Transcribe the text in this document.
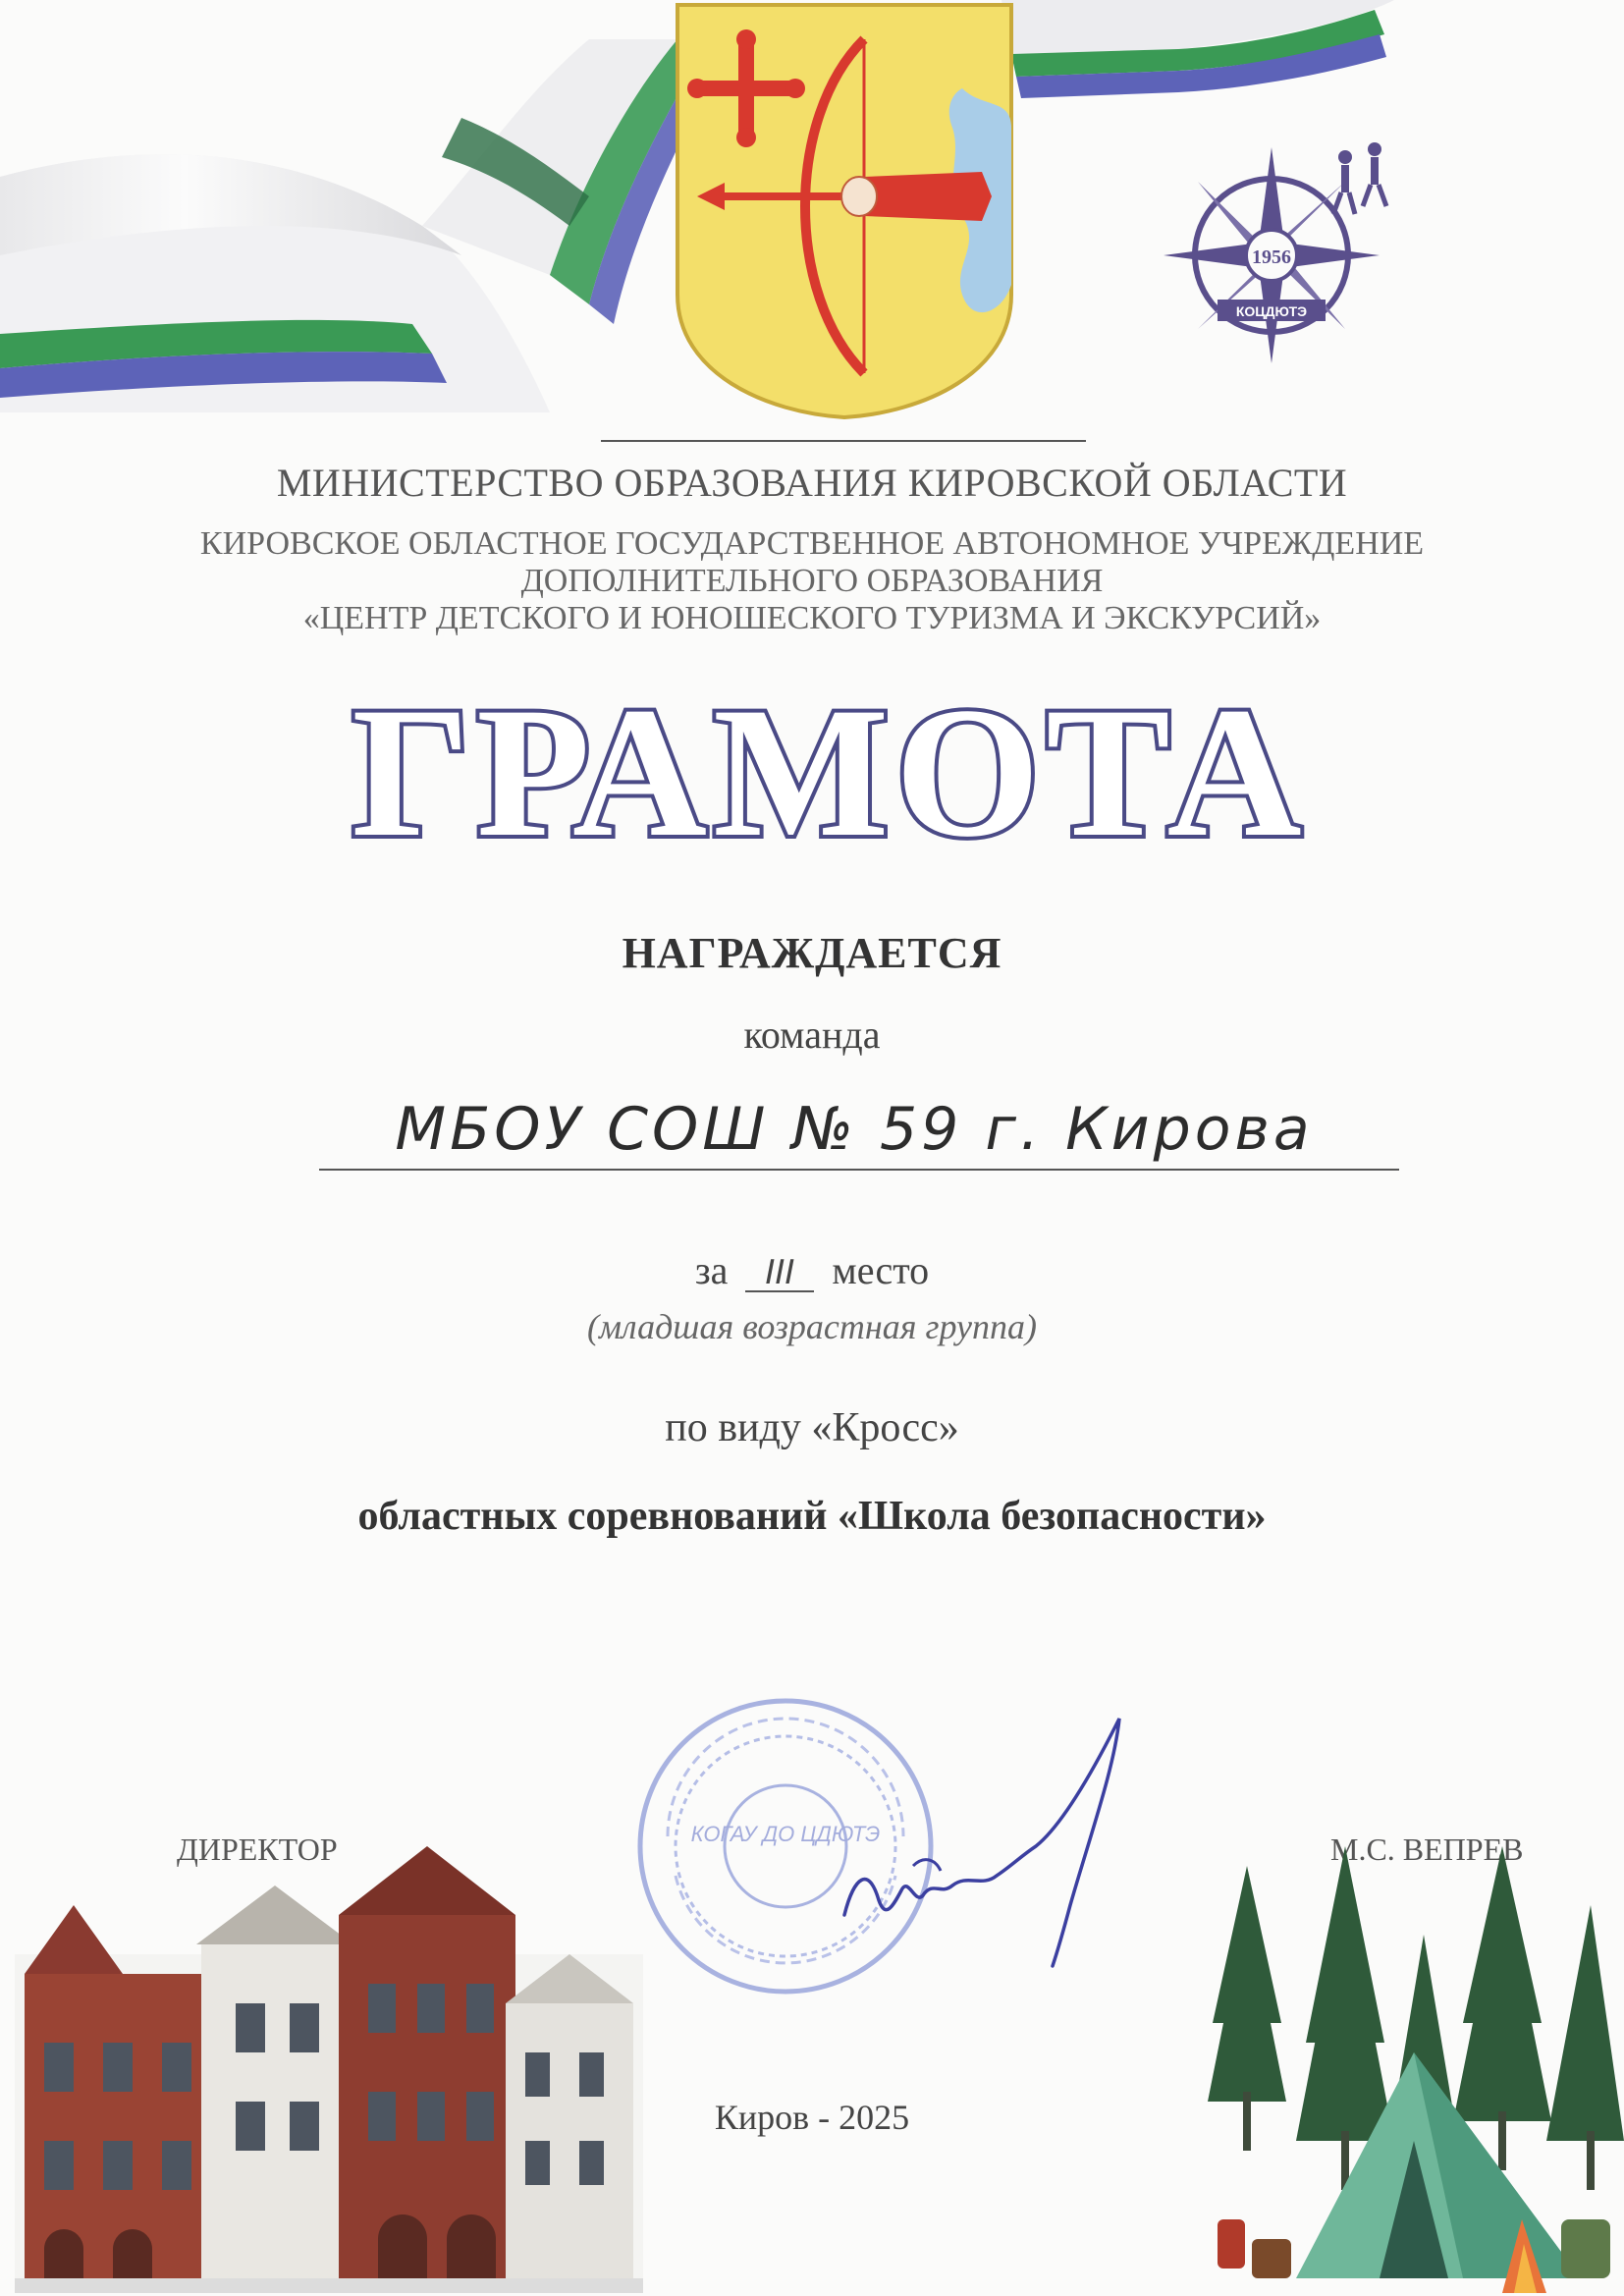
1956
КОЦДЮТЭ
МИНИСТЕРСТВО ОБРАЗОВАНИЯ КИРОВСКОЙ ОБЛАСТИ
КИРОВСКОЕ ОБЛАСТНОЕ ГОСУДАРСТВЕННОЕ АВТОНОМНОЕ УЧРЕЖДЕНИЕ
ДОПОЛНИТЕЛЬНОГО ОБРАЗОВАНИЯ
«ЦЕНТР ДЕТСКОГО И ЮНОШЕСКОГО ТУРИЗМА И ЭКСКУРСИЙ»
ГРАМОТА
НАГРАЖДАЕТСЯ
команда
МБОУ СОШ № 59 г. Кирова
за III место
(младшая возрастная группа)
по виду «Кросс»
областных соревнований «Школа безопасности»
ДИРЕКТОР	М.С. ВЕПРЕВ
КОГАУ ДО ЦДЮТЭ
Киров - 2025
